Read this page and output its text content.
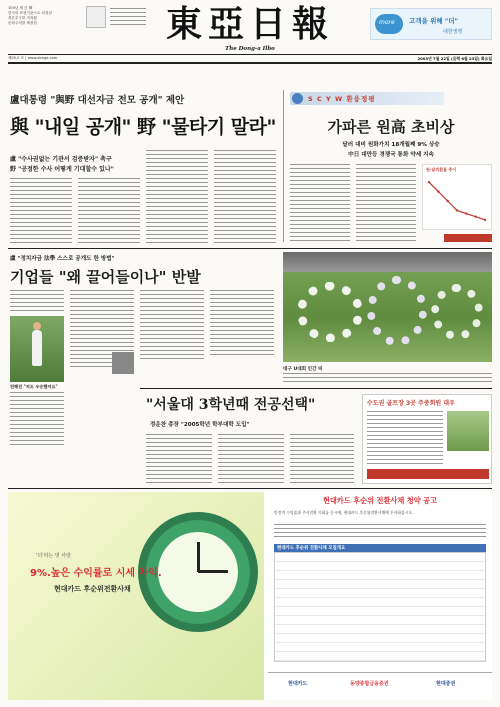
100년 새 日 賢
한국의 표현기관으로 치열함
정론추구를 지켜왔
문화주의를 제창한	東亞日報
The Dong-a Ilbo
more 고객을 위해 "더"
대한생명
제25,0 호 | www.donga.com	2003년 7월 22일 (음력 6월 23일) 화요일
盧대통령 "與野 대선자금 전모 공개" 제안
與 "내일 공개" 野 "물타기 말라"
盧 "수사권없는 기관서 검증받자" 촉구
野 "공정한 수사 어떻게 기대할수 있나"
S C Y W 환융정평
가파른 원高 초비상
달러 대비 원화가치 18개월째 9% 상승
中日 대만등 경쟁국 통화 약세 지속
원-달러환율 추이
盧 "정치자금 法學 스스로 공개도 한 방법"
기업들 "왜 끌어들이나" 반발
전혜진 "저도 우승했어요"
대구 U대회 인간 띠
"서울대 3학년때 전공선택"
정운찬 총장 "2005학년 학부대학 도입"
수도권 골프장 3곳 주중회원 대우
'더'라는 벗 사랑
9%.높은 수익률로 시세 차익.
현대카드 후순위전환사채
현대카드 후순위 전환사채 청약 공고
안정적 수익률과 주식전환 기회를 동시에, 현대카드 후순위전환사채에 투자하십시오.
현대카드 후순위 전환사채 모집개요
현대카드	동양종합금융증권	현대증권
